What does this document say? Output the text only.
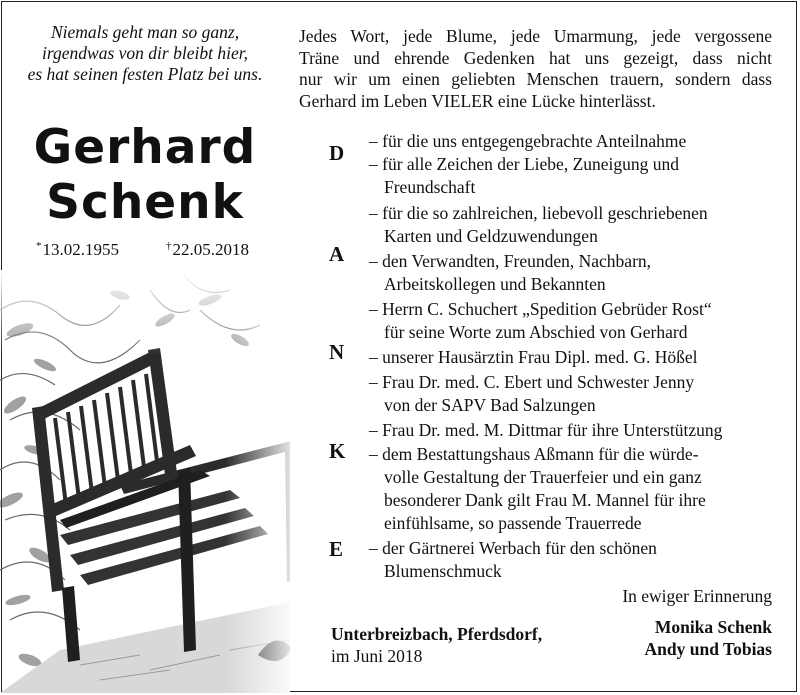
Niemals geht man so ganz,
irgendwas von dir bleibt hier,
es hat seinen festen Platz bei uns.
Gerhard
Schenk
*13.02.1955	†22.05.2018
Jedes Wort, jede Blume, jede Umarmung, jede vergossene
Träne und ehrende Gedenken hat uns gezeigt, dass nicht
nur wir um einen geliebten Menschen trauern, sondern dass
Gerhard im Leben VIELER eine Lücke hinterlässt.
D
A
N
K
E
– für die uns entgegengebrachte Anteilnahme
– für alle Zeichen der Liebe, Zuneigung und
Freundschaft
– für die so zahlreichen, liebevoll geschriebenen
Karten und Geldzuwendungen
– den Verwandten, Freunden, Nachbarn,
Arbeitskollegen und Bekannten
– Herrn C. Schuchert „Spedition Gebrüder Rost“
für seine Worte zum Abschied von Gerhard
– unserer Hausärztin Frau Dipl. med. G. Hößel
– Frau Dr. med. C. Ebert und Schwester Jenny
von der SAPV Bad Salzungen
– Frau Dr. med. M. Dittmar für ihre Unterstützung
– dem Bestattungshaus Aßmann für die würde-
volle Gestaltung der Trauerfeier und ein ganz
besonderer Dank gilt Frau M. Mannel für ihre
einfühlsame, so passende Trauerrede
– der Gärtnerei Werbach für den schönen
Blumenschmuck
In ewiger Erinnerung
Monika Schenk
Andy und Tobias
Unterbreizbach, Pferdsdorf,
im Juni 2018
